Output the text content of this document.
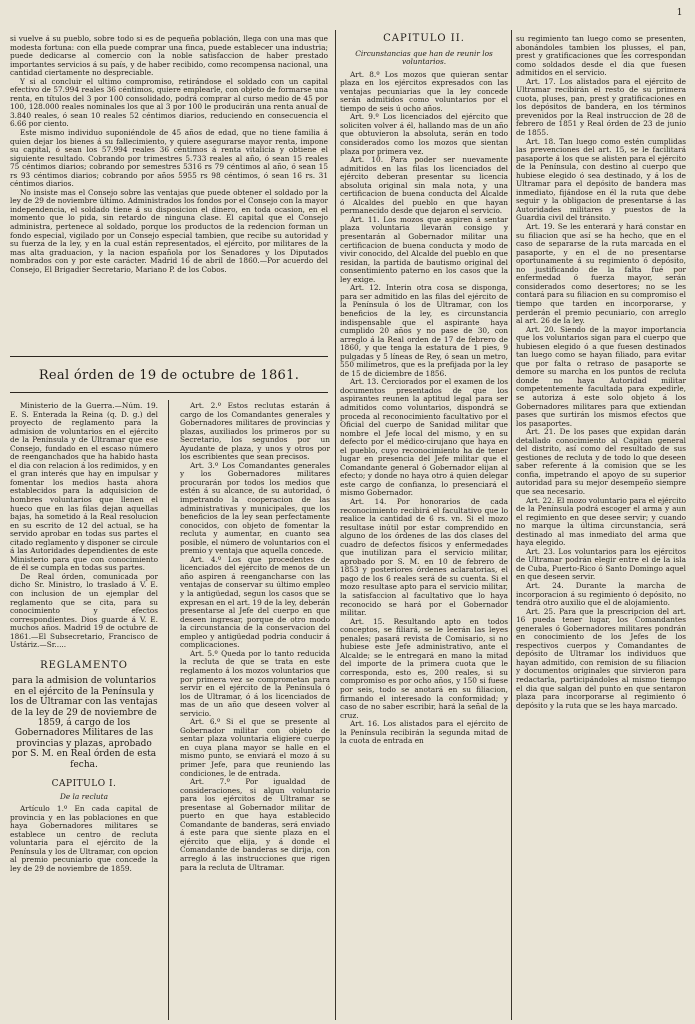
1

si vuelve á su pueblo, sobre todo si es de pequeña población, llega con una mas que modesta fortuna: con ella puede comprar una finca, puede establecer una industria; puede dedicarse al comercio con la noble satisfaccion de haber prestado importantes servicios á su país, y de haber recibido, como recompensa nacional, una cantidad ciertamente no despreciable.

Y si al concluir el ultimo compromiso, retirándose el soldado con un capital efectivo de 57.994 reales 36 céntimos, quiere emplearle, con objeto de formarse una renta, en títulos del 3 por 100 consolidado, podrá comprar al curso medio de 45 por 100, 128.000 reales nominales los que al 3 por 100 le producirán una renta anual de 3.840 reales, ó sean 10 reales 52 céntimos diarios, reduciendo en consecuencia el 6.66 por ciento.

Este mismo individuo suponiéndole de 45 años de edad, que no tiene familia á quien dejar los bienes á su fallecimiento, y quiere asegurarse mayor renta, impone su capital, ó sean los 57.994 reales 36 céntimos á renta vitalicia y obtiene el siguiente resultado. Cobrando por trimestres 5.733 reales al año, ó sean 15 reales 75 céntimos diarios; cobrando por semestres 5316 rs 79 céntimos al año, ó sean 15 rs 93 céntimos diarios; cobrando por años 5955 rs 98 céntimos, ó sean 16 rs. 31 céntimos diarios.

No insiste mas el Consejo sobre las ventajas que puede obtener el soldado por la ley de 29 de noviembre último. Administrados los fondos por el Consejo con la mayor independencia, el soldado tiene á su disposicion el dinero, en toda ocasion, en el momento que lo pida, sin retardo de ninguna clase. El capital que el Consejo administra, pertenece al soldado, porque los productos de la redencion forman un fondo especial, vigilado por un Consejo especial tambien, que recibe su autoridad y su fuerza de la ley, y en la cual están representados, el ejército, por militares de la mas alta graduacion, y la nacion española por los Senadores y los Diputados nombrados con y por este carácter. Madrid 16 de abril de 1860.—Por acuerdo del Consejo, El Brigadier Secretario, Mariano P. de los Cobos.

Real órden de 19 de octubre de 1861.

Ministerio de la Guerra.—Núm. 19. E. S. Enterada la Reina (q. D. g.) del proyecto de reglamento para la admision de voluntarios en el ejército de la Península y de Ultramar que ese Consejo, fundado en el escaso número de reenganchados que ha habido hasta el dia con relacion á los redimidos, y en el gran interés que hay en impulsar y fomentar los medios hasta ahora establecidos para la adquisicion de hombres voluntarios que llenen el hueco que en las filas dejan aquellas bajas, ha sometido á la Real resolucion en su escrito de 12 del actual, se ha servido aprobar en todas sus partes el citado reglamento y disponer se circule á las Autoridades dependientes de este Ministerio para que con conocimiento de él se cumpla en todas sus partes.

De Real órden, comunicada por dicho Sr. Ministro, lo traslado á V. E. con inclusion de un ejemplar del reglamento que se cita, para su conocimiento y efectos correspondientes. Dios guarde á V. E. muchos años. Madrid 19 de octubre de 1861.—El Subsecretario, Francisco de Ustáriz.—Sr.....

REGLAMENTO

para la admision de voluntarios en el ejército de la Península y los de Ultramar con las ventajas de la ley de 29 de noviembre de 1859, á cargo de los Gobernadores Militares de las provincias y plazas, aprobado por S. M. en Real órden de esta fecha.

CAPITULO I.

De la recluta

Artículo 1.º En cada capital de provincia y en las poblaciones en que haya Gobernadores militares se establece un centro de recluta voluntaria para el ejército de la Península y los de Ultramar, con opcion al premio pecuniario que concede la ley de 29 de noviembre de 1859.

Art. 2.º Estos reclutas estarán á cargo de los Comandantes generales y Gobernadores militares de provincias y plazas, auxiliados los primeros por su Secretario, los segundos por un Ayudante de plaza, y unos y otros por los escribientes que sean precisos.

Art. 3.º Los Comandantes generales y los Gobernadores militares procurarán por todos los medios que estén á su alcance, de su autoridad, ó impetrando la cooperacion de las administrativas y municipales, que los beneficios de la ley sean perfectamente conocidos, con objeto de fomentar la recluta y aumentar, en cuanto sea posible, el número de voluntarios con el premio y ventaja que aquella concede.

Art. 4.º Los que procedentes de licenciados del ejército de menos de un año aspiren á reengancharse con las ventajas de conservar su último empleo y la antigüedad, segun los casos que se expresan en el art. 19 de la ley, deberán presentarse al Jefe del cuerpo en que deseen ingresar, porque de otro modo la circunstancia de la conservacion del empleo y antigüedad podria conducir á complicaciones.

Art. 5.º Queda por lo tanto reducida la recluta de que se trata en este reglamento á los mozos voluntarios que por primera vez se comprometan para servir en el ejército de la Península ó los de Ultramar, ó á los licenciados de mas de un año que deseen volver al servicio.

Art. 6.º Si el que se presente al Gobernador militar con objeto de sentar plaza voluntaria eligiere cuerpo en cuya plana mayor se halle en el mismo punto, se enviará el mozo á su primer Jefe, para que reuniendo las condiciones, le de entrada.

Art. 7.º Por igualdad de consideraciones, si algun voluntario para los ejércitos de Ultramar se presentase al Gobernador militar de puerto en que haya establecido Comandante de banderas, será enviado á este para que siente plaza en el ejército que elija, y á donde el Comandante de banderas se dirija, con arreglo á las instrucciones que rigen para la recluta de Ultramar.

CAPITULO II.

Circunstancias que han de reunir los voluntarios.

Art. 8.º Los mozos que quieran sentar plaza en los ejércitos expresados con las ventajas pecuniarias que la ley concede serán admitidos como voluntarios por el tiempo de seis ú ocho años.

Art. 9.º Los licenciados del ejército que soliciten volver á él, hallando mas de un año que obtuvieron la absoluta, serán en todo considerados como los mozos que sientan plaza por primera vez.

Art. 10. Para poder ser nuevamente admitidos en las filas los licenciados del ejército deberan presentar su licencia absoluta original sin mala nota, y una certificacion de buena conducta del Alcalde ó Alcaldes del pueblo en que hayan permanecido desde que dejaron el servicio.

Art. 11. Los mozos que aspiren á sentar plaza voluntaria llevarán consigo y presentarán al Gobernador militar una certificacion de buena conducta y modo de vivir conocido, del Alcalde del pueblo en que residan, la partida de bautismo original del consentimiento paterno en los casos que la ley exige.

Art. 12. Interin otra cosa se disponga, para ser admitido en las filas del ejército de la Península ó los de Ultramar, con los beneficios de la ley, es circunstancia indispensable que el aspirante haya cumplido 20 años y no pase de 30, con arreglo á la Real orden de 17 de febrero de 1860, y que tenga la estatura de 1 pies, 9 pulgadas y 5 líneas de Rey, ó sean un metro, 550 milímetros, que es la prefijada por la ley de 15 de diciembre de 1856.

Art. 13. Cerciorados por el examen de los documentos presentados de que los aspirantes reunen la aptitud legal para ser admitidos como voluntarios, dispondrá se proceda al reconocimiento facultativo por el Oficial del cuerpo de Sanidad militar que nombre el Jefe local del mismo, y en su defecto por el médico-cirujano que haya en el pueblo, cuyo reconocimiento ha de tener lugar en presencia del Jefe militar que el Comandante general ó Gobernador elijan al efecto; y donde no haya otro á quien delegar este cargo de confianza, lo presenciará el mismo Gobernador.

Art. 14. Por honorarios de cada reconocimiento recibirá el facultativo que lo realice la cantidad de 6 rs. vn. Si el mozo resultase inútil por estar comprendido en alguno de los órdenes de las dos clases del cuadro de defectos físicos y enfermedades que inutilizan para el servicio militar, aprobado por S. M. en 10 de febrero de 1853 y posteriores órdenes aclaratorias, el pago de los 6 reales será de su cuenta. Si el mozo resultase apto para el servicio militar, la satisfaccion al facultativo que lo haya reconocido se hará por el Gobernador militar.

Art. 15. Resultando apto en todos conceptos, se filiará, se le leerán las leyes penales; pasará revista de Comisario, si no hubiese este Jefe administrativo, ante el Alcalde; se le entregará en mano la mitad del importe de la primera cuota que le corresponda, esto es, 200 reales, si su compromiso es por ocho años, y 150 si fuese por seis, todo se anotará en su filiacion, firmando el interesado la conformidad; y caso de no saber escribir, hará la señal de la cruz.

Art. 16. Los alistados para el ejército de la Península recibirán la segunda mitad de la cuota de entrada en

su regimiento tan luego como se presenten, abonándoles tambien los plusses, el pan, prest y gratificaciones que les correspondan como soldados desde el dia que fuesen admitidos en el servicio.

Art. 17. Los alistados para el ejército de Ultramar recibirán el resto de su primera cuota, pluses, pan, prest y gratificaciones en los depósitos de bandera, en los términos prevenidos por la Real instruccion de 28 de febrero de 1851 y Real órden de 23 de junio de 1855.

Art. 18. Tan luego como estén cumplidas las prevenciones del art. 15, se le facilitará pasaporte á los que se alisten para el ejército de la Península, con destino al cuerpo que hubiese elegido ó sea destinado, y á los de Ultramar para el depósito de bandera mas inmediato, fijándose en él la ruta que debe seguir y la obligacion de presentarse á las Autoridades militares y puestos de la Guardia civil del tránsito.

Art. 19. Se les enterará y hará constar en su filiacion que así se ha hecho, que en el caso de separarse de la ruta marcada en el pasaporte, y en el de no presentarse oportunamente á su regimiento ó depósito, no justificando de la falta fué por enfermedad ó fuerza mayor, serán considerados como desertores; no se les contará para su filiacion en su compromiso el tiempo que tarden en incorporarse, y perderán el premio pecuniario, con arreglo al art. 26 de la ley.

Art. 20. Siendo de la mayor importancia que los voluntarios sigan para el cuerpo que hubiesen elegido ó a que fuesen destinados tan luego como se hayan filiado, para evitar que por falta o retraso de pasaporte se demore su marcha en los puntos de recluta donde no haya Autoridad militar competentemente facultada para expedirle, se autoriza á este solo objeto á los Gobernadores militares para que extiendan pases que surtirán los mismos efectos que los pasaportes.

Art. 21. De los pases que expidan darán detallado conocimiento al Capitan general del distrito, así como del resultado de sus gestiones de recluta y de todo lo que deseen saber referente á la comision que se les confia, impetrando el apoyo de su superior autoridad para su mejor desempeño siempre que sea necesario.

Art. 22. El mozo voluntario para el ejército de la Península podrá escoger el arma y aun el regimiento en que desee servir; y cuando no marque la última circunstancia, será destinado al mas inmediato del arma que haya elegido.

Art. 23. Los voluntarios para los ejércitos de Ultramar podrán elegir entre el de la isla de Cuba, Puerto-Rico ó Santo Domingo aquel en que deseen servir.

Art. 24. Durante la marcha de incorporacion á su regimiento ó depósito, no tendrá otro auxilio que el de alojamiento.

Art. 25. Para que la prescripcion del art. 16 pueda tener lugar, los Comandantes generales ó Gobernadores militares pondrán en conocimiento de los Jefes de los respectivos cuerpos y Comandantes de depósito de Ultramar los individuos que hayan admitido, con remision de su filiacion y documentos originales que sirvieron para redactarla, participándoles al mismo tiempo el dia que salgan del punto en que sentaron plaza para incorporarse al regimiento ó depósito y la ruta que se les haya marcado.
